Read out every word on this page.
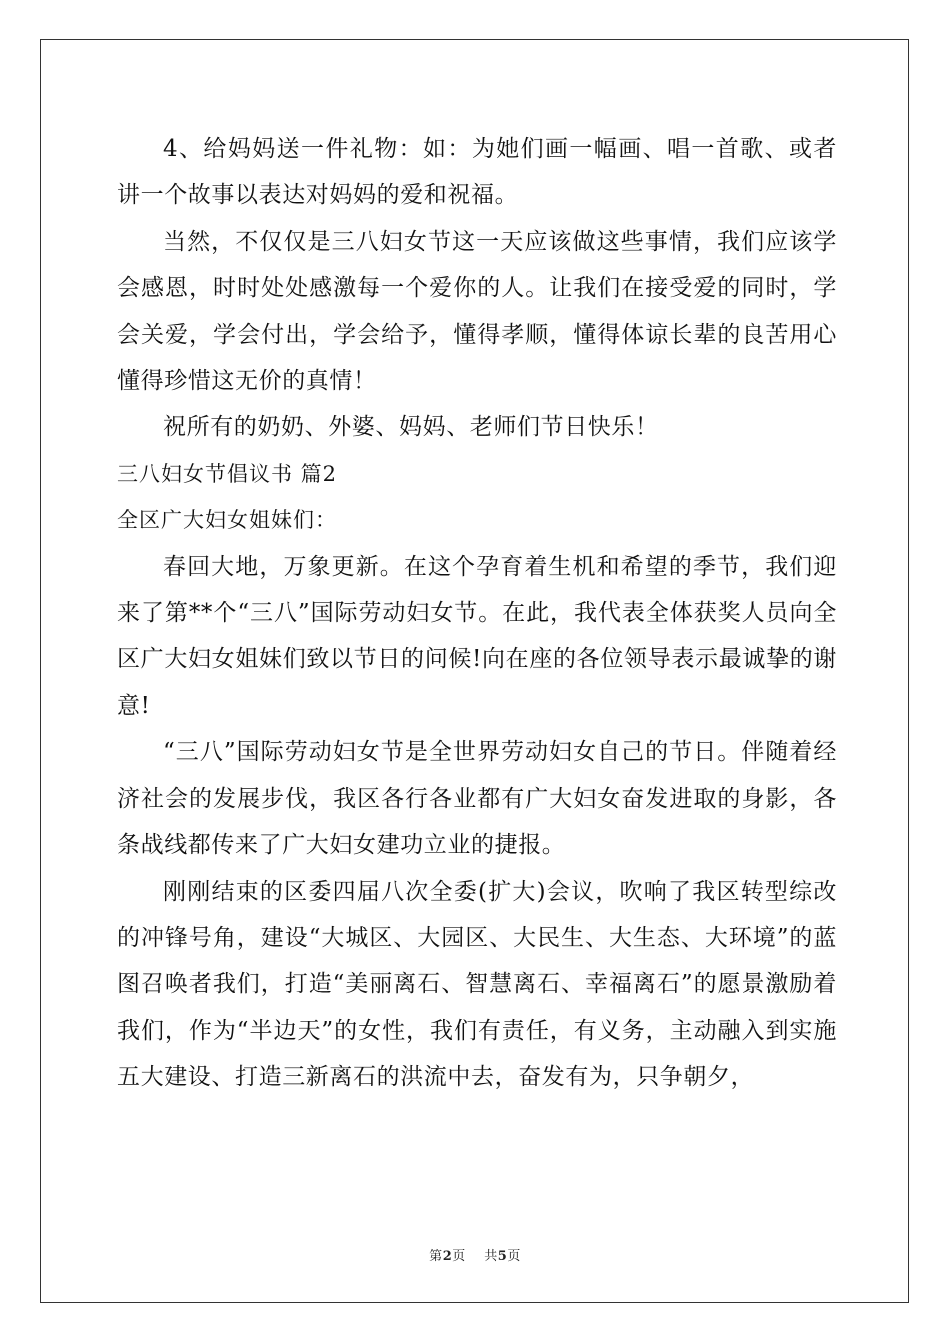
4、给妈妈送一件礼物：如：为她们画一幅画、唱一首歌、或者讲一个故事以表达对妈妈的爱和祝福。

当然，不仅仅是三八妇女节这一天应该做这些事情，我们应该学会感恩，时时处处感激每一个爱你的人。让我们在接受爱的同时，学会关爱，学会付出，学会给予，懂得孝顺，懂得体谅长辈的良苦用心懂得珍惜这无价的真情！

祝所有的奶奶、外婆、妈妈、老师们节日快乐！

三八妇女节倡议书 篇2

全区广大妇女姐妹们：

春回大地，万象更新。在这个孕育着生机和希望的季节，我们迎来了第**个“三八”国际劳动妇女节。在此，我代表全体获奖人员向全区广大妇女姐妹们致以节日的问候!向在座的各位领导表示最诚挚的谢意!

“三八”国际劳动妇女节是全世界劳动妇女自己的节日。伴随着经济社会的发展步伐，我区各行各业都有广大妇女奋发进取的身影，各条战线都传来了广大妇女建功立业的捷报。

刚刚结束的区委四届八次全委(扩大)会议，吹响了我区转型综改的冲锋号角，建设“大城区、大园区、大民生、大生态、大环境”的蓝图召唤者我们，打造“美丽离石、智慧离石、幸福离石”的愿景激励着我们，作为“半边天”的女性，我们有责任，有义务，主动融入到实施五大建设、打造三新离石的洪流中去，奋发有为，只争朝夕，

第2页    共5页
